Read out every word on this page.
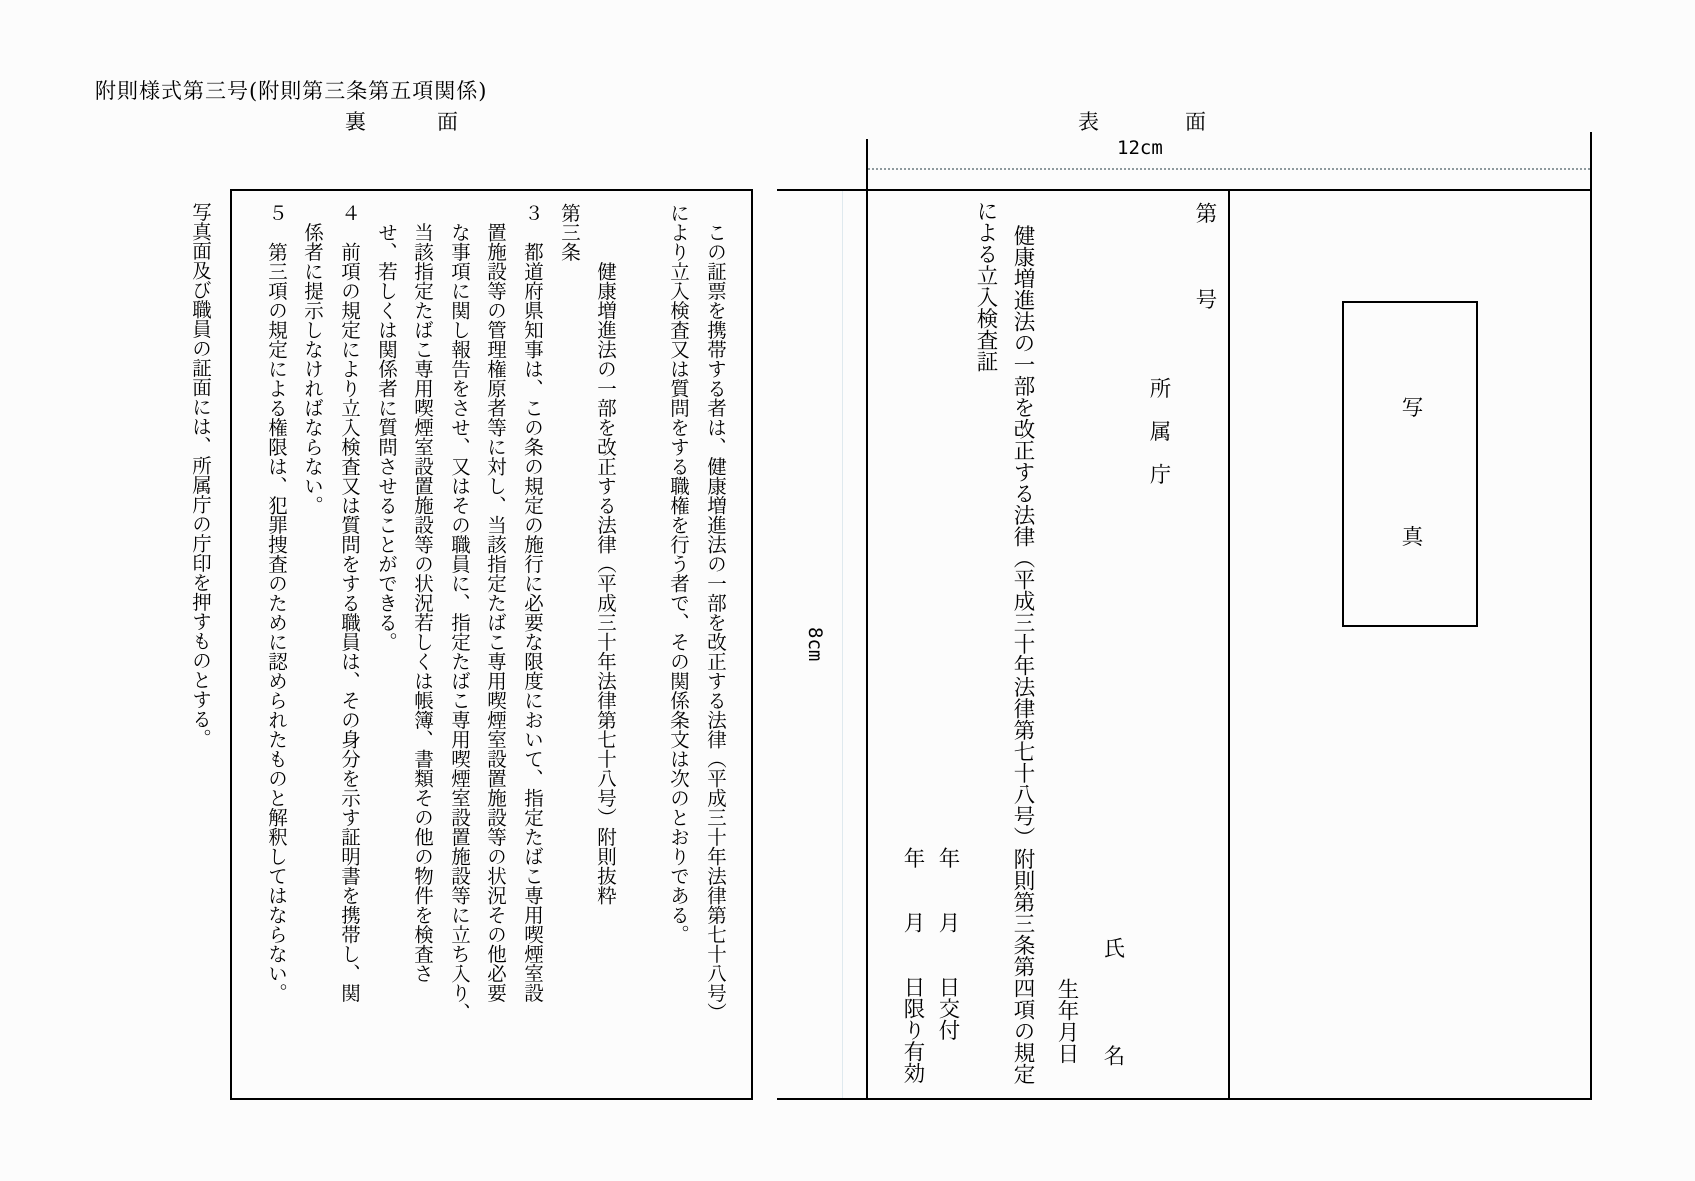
附則様式第三号(附則第三条第五項関係)
裏	面	表	面
　この証票を携帯する者は、健康増進法の一部を改正する法律（平成三十年法律第七十八号）
により立入検査又は質問をする職権を行う者で、その関係条文は次のとおりである。
　　　健康増進法の一部を改正する法律（平成三十年法律第七十八号）附則抜粋
第三条
３　都道府県知事は、この条の規定の施行に必要な限度において、指定たばこ専用喫煙室設
　置施設等の管理権原者等に対し、当該指定たばこ専用喫煙室設置施設等の状況その他必要
　な事項に関し報告をさせ、又はその職員に、指定たばこ専用喫煙室設置施設等に立ち入り、
　当該指定たばこ専用喫煙室設置施設等の状況若しくは帳簿、書類その他の物件を検査さ
　せ、若しくは関係者に質問させることができる。
４　前項の規定により立入検査又は質問をする職員は、その身分を示す証明書を携帯し、関
　係者に提示しなければならない。
５　第三項の規定による権限は、犯罪捜査のために認められたものと解釈してはならない。
写真面及び職員の証面には、所属庁の庁印を押すものとする。
12cm
8cm
第　　　号
所　属　庁
氏　　　　名
生年月日
　健康増進法の一部を改正する法律（平成三十年法律第七十八号）附則第三条第四項の規定
による立入検査証
年　　月　　日交付
年　　月　　日限り有効
写　　　　　真
